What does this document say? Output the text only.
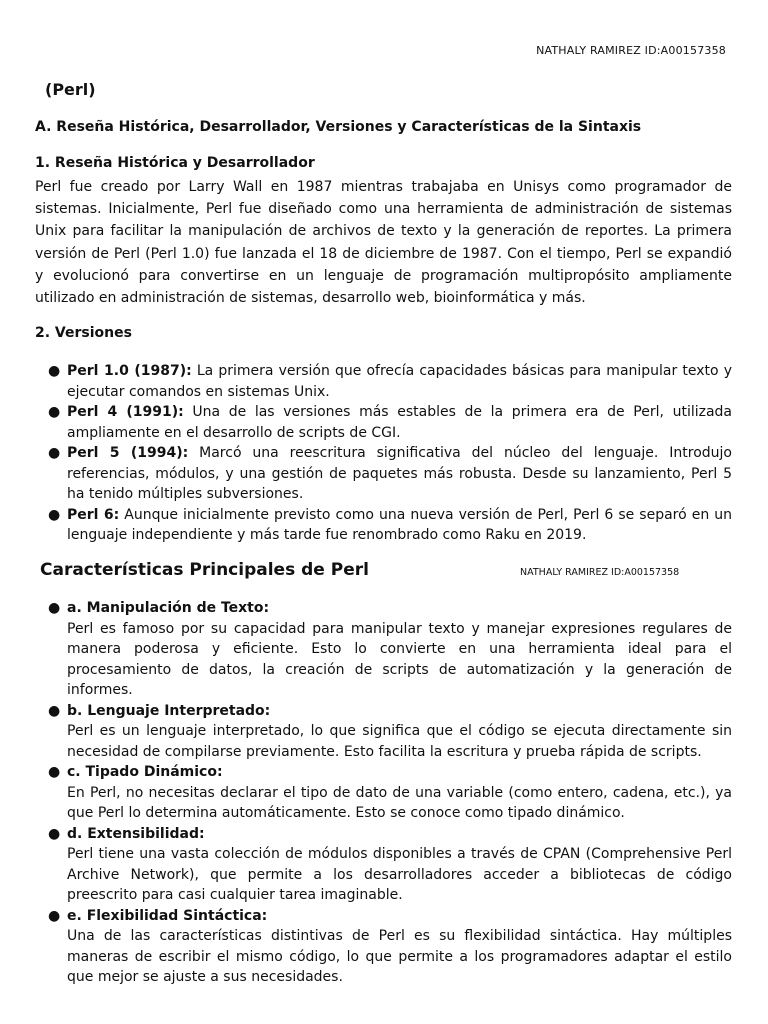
NATHALY RAMIREZ ID:A00157358
(Perl)
A. Reseña Histórica, Desarrollador, Versiones y Características de la Sintaxis
1. Reseña Histórica y Desarrollador

Perl fue creado por Larry Wall en 1987 mientras trabajaba en Unisys como programador de sistemas. Inicialmente, Perl fue diseñado como una herramienta de administración de sistemas Unix para facilitar la manipulación de archivos de texto y la generación de reportes. La primera versión de Perl (Perl 1.0) fue lanzada el 18 de diciembre de 1987. Con el tiempo, Perl se expandió y evolucionó para convertirse en un lenguaje de programación multipropósito ampliamente utilizado en administración de sistemas, desarrollo web, bioinformática y más.

2. Versiones
● Perl 1.0 (1987): La primera versión que ofrecía capacidades básicas para manipular texto y ejecutar comandos en sistemas Unix.
● Perl 4 (1991): Una de las versiones más estables de la primera era de Perl, utilizada ampliamente en el desarrollo de scripts de CGI.
● Perl 5 (1994): Marcó una reescritura significativa del núcleo del lenguaje. Introdujo referencias, módulos, y una gestión de paquetes más robusta. Desde su lanzamiento, Perl 5 ha tenido múltiples subversiones.
● Perl 6: Aunque inicialmente previsto como una nueva versión de Perl, Perl 6 se separó en un lenguaje independiente y más tarde fue renombrado como Raku en 2019.
Características Principales de Perl	NATHALY RAMIREZ ID:A00157358
● a. Manipulación de Texto:
Perl es famoso por su capacidad para manipular texto y manejar expresiones regulares de manera poderosa y eficiente. Esto lo convierte en una herramienta ideal para el procesamiento de datos, la creación de scripts de automatización y la generación de informes.
● b. Lenguaje Interpretado:
Perl es un lenguaje interpretado, lo que significa que el código se ejecuta directamente sin necesidad de compilarse previamente. Esto facilita la escritura y prueba rápida de scripts.
● c. Tipado Dinámico:
En Perl, no necesitas declarar el tipo de dato de una variable (como entero, cadena, etc.), ya que Perl lo determina automáticamente. Esto se conoce como tipado dinámico.
● d. Extensibilidad:
Perl tiene una vasta colección de módulos disponibles a través de CPAN (Comprehensive Perl Archive Network), que permite a los desarrolladores acceder a bibliotecas de código preescrito para casi cualquier tarea imaginable.
● e. Flexibilidad Sintáctica:
Una de las características distintivas de Perl es su flexibilidad sintáctica. Hay múltiples maneras de escribir el mismo código, lo que permite a los programadores adaptar el estilo que mejor se ajuste a sus necesidades.
